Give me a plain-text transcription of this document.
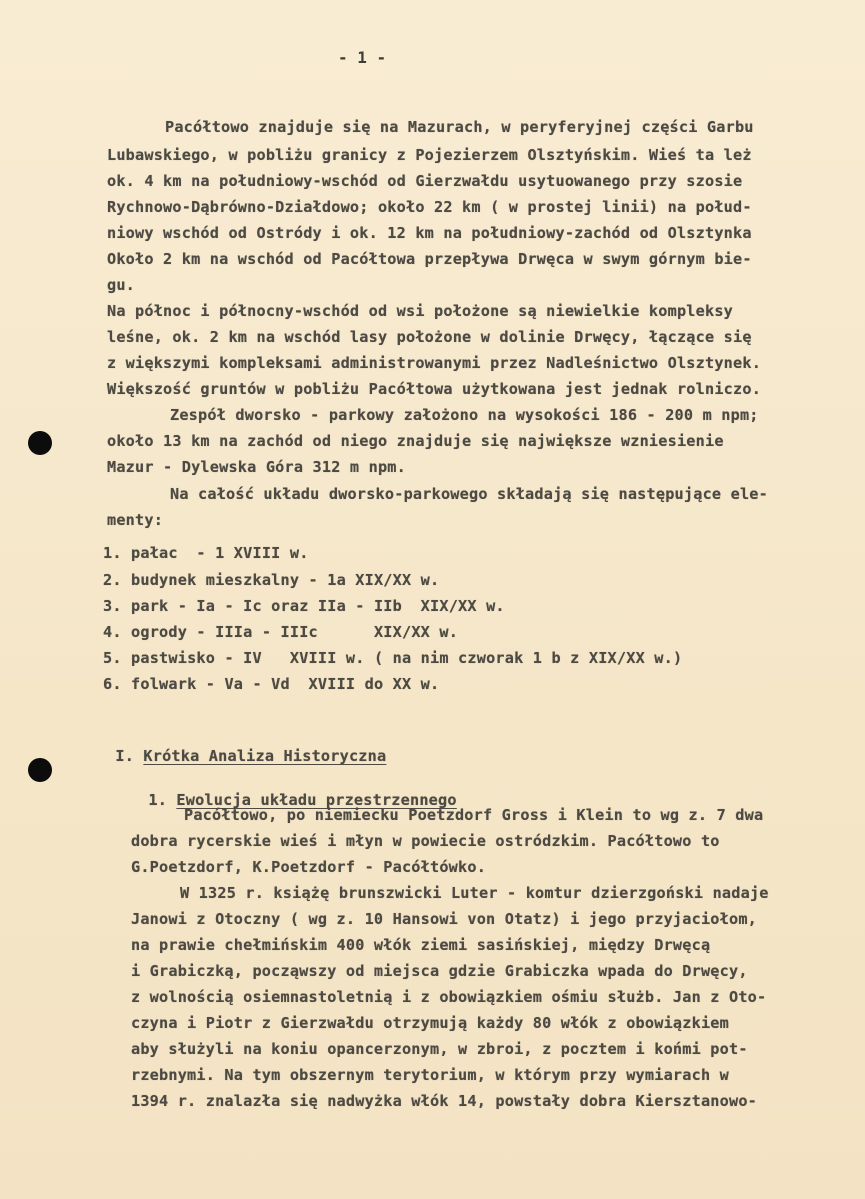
- 1 -
Pacółtowo znajduje się na Mazurach, w peryferyjnej części Garbu
Lubawskiego, w pobliżu granicy z Pojezierzem Olsztyńskim. Wieś ta leż
ok. 4 km na południowy-wschód od Gierzwałdu usytuowanego przy szosie
Rychnowo-Dąbrówno-Działdowo; około 22 km ( w prostej linii) na połud-
niowy wschód od Ostródy i ok. 12 km na południowy-zachód od Olsztynka
Około 2 km na wschód od Pacółtowa przepływa Drwęca w swym górnym bie-
gu.
Na północ i północny-wschód od wsi położone są niewielkie kompleksy
leśne, ok. 2 km na wschód lasy położone w dolinie Drwęcy, łączące się
z większymi kompleksami administrowanymi przez Nadleśnictwo Olsztynek.
Większość gruntów w pobliżu Pacółtowa użytkowana jest jednak rolniczo.
Zespół dworsko - parkowy założono na wysokości 186 - 200 m npm;
około 13 km na zachód od niego znajduje się największe wzniesienie
Mazur - Dylewska Góra 312 m npm.
Na całość układu dworsko-parkowego składają się następujące ele-
menty:
1. pałac  - 1 XVIII w.
2. budynek mieszkalny - 1a XIX/XX w.
3. park - Ia - Ic oraz IIa - IIb  XIX/XX w.
4. ogrody - IIIa - IIIc      XIX/XX w.
5. pastwisko - IV   XVIII w. ( na nim czworak 1 b z XIX/XX w.)
6. folwark - Va - Vd  XVIII do XX w.
1394 r. znalazła się nadwyżka włók 14, powstały dobra Kiersztanowo-

I. Krótka Analiza Historyczna

1. Ewolucja układu przestrzennego

Pacółtowo, po niemiecku Poetzdorf Gross i Klein to wg z. 7 dwa
dobra rycerskie wieś i młyn w powiecie ostródzkim. Pacółtowo to
G.Poetzdorf, K.Poetzdorf - Pacółtówko.
W 1325 r. książę brunszwicki Luter - komtur dzierzgoński nadaje
Janowi z Otoczny ( wg z. 10 Hansowi von Otatz) i jego przyjaciołom,
na prawie chełmińskim 400 włók ziemi sasińskiej, między Drwęcą
i Grabiczką, począwszy od miejsca gdzie Grabiczka wpada do Drwęcy,
z wolnością osiemnastoletnią i z obowiązkiem ośmiu służb. Jan z Oto-
czyna i Piotr z Gierzwałdu otrzymują każdy 80 włók z obowiązkiem
aby służyli na koniu opancerzonym, w zbroi, z pocztem i końmi pot-
rzebnymi. Na tym obszernym terytorium, w którym przy wymiarach w
